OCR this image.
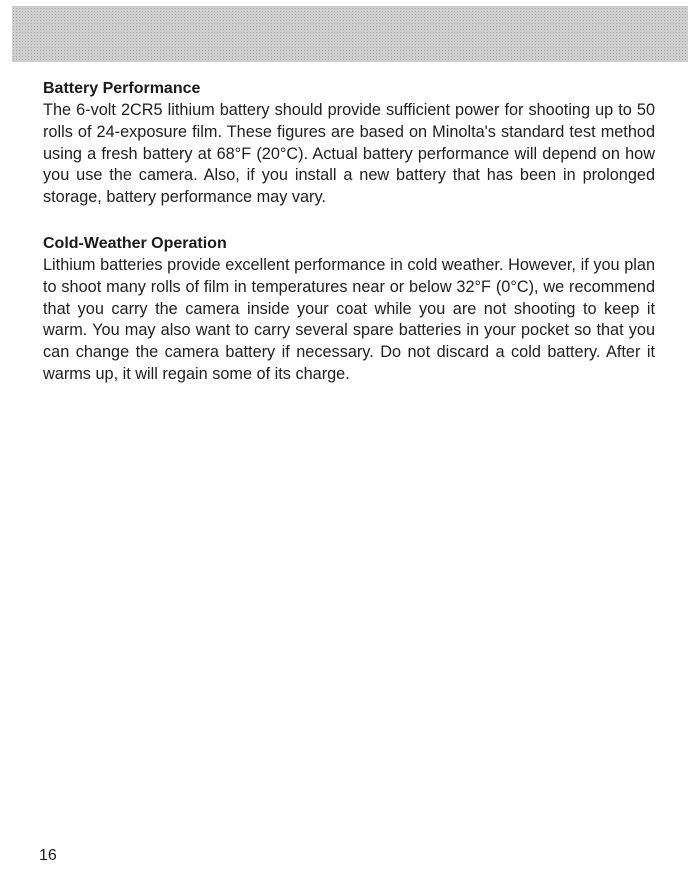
Battery Performance

The 6-volt 2CR5 lithium battery should provide sufficient power for shooting up to 50 rolls of 24-exposure film. These figures are based on Minolta's standard test method using a fresh battery at 68°F (20°C). Actual battery performance will depend on how you use the camera. Also, if you install a new battery that has been in prolonged storage, battery performance may vary.

Cold-Weather Operation

Lithium batteries provide excellent performance in cold weather. However, if you plan to shoot many rolls of film in temperatures near or below 32°F (0°C), we recommend that you carry the camera inside your coat while you are not shooting to keep it warm. You may also want to carry several spare batteries in your pocket so that you can change the camera battery if necessary. Do not discard a cold battery. After it warms up, it will regain some of its charge.

16
